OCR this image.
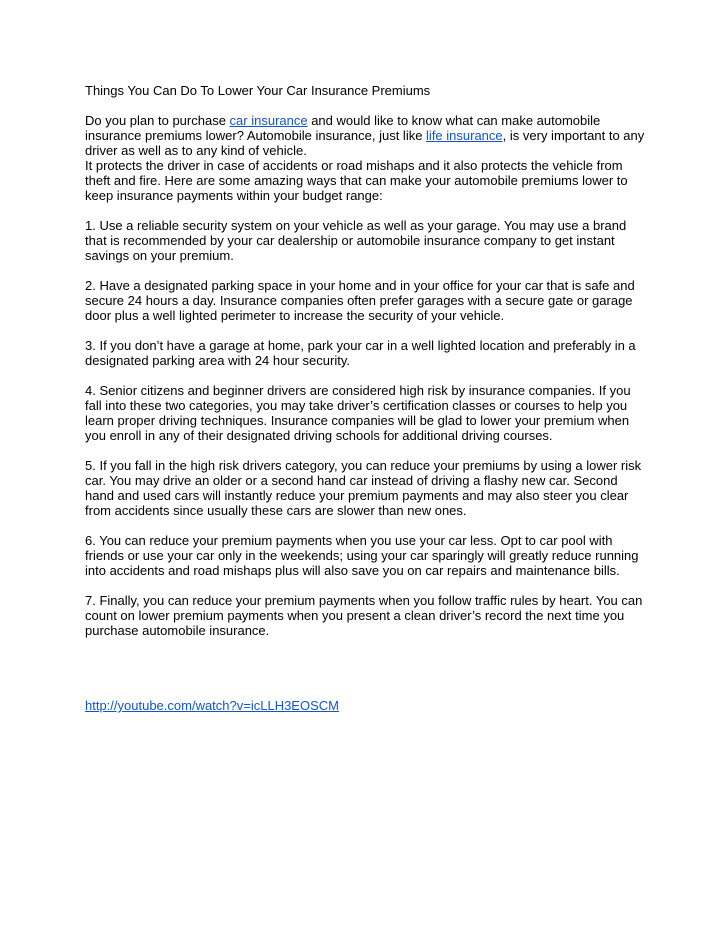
Things You Can Do To Lower Your Car Insurance Premiums

Do you plan to purchase car insurance and would like to know what can make automobile insurance premiums lower? Automobile insurance, just like life insurance, is very important to any driver as well as to any kind of vehicle.

It protects the driver in case of accidents or road mishaps and it also protects the vehicle from theft and fire. Here are some amazing ways that can make your automobile premiums lower to keep insurance payments within your budget range:

1. Use a reliable security system on your vehicle as well as your garage. You may use a brand that is recommended by your car dealership or automobile insurance company to get instant savings on your premium.

2. Have a designated parking space in your home and in your office for your car that is safe and secure 24 hours a day. Insurance companies often prefer garages with a secure gate or garage door plus a well lighted perimeter to increase the security of your vehicle.

3. If you don’t have a garage at home, park your car in a well lighted location and preferably in a designated parking area with 24 hour security.

4. Senior citizens and beginner drivers are considered high risk by insurance companies. If you fall into these two categories, you may take driver’s certification classes or courses to help you learn proper driving techniques. Insurance companies will be glad to lower your premium when you enroll in any of their designated driving schools for additional driving courses.

5. If you fall in the high risk drivers category, you can reduce your premiums by using a lower risk car. You may drive an older or a second hand car instead of driving a flashy new car. Second hand and used cars will instantly reduce your premium payments and may also steer you clear from accidents since usually these cars are slower than new ones.

6. You can reduce your premium payments when you use your car less. Opt to car pool with friends or use your car only in the weekends; using your car sparingly will greatly reduce running into accidents and road mishaps plus will also save you on car repairs and maintenance bills.

7. Finally, you can reduce your premium payments when you follow traffic rules by heart. You can count on lower premium payments when you present a clean driver’s record the next time you purchase automobile insurance.

http://youtube.com/watch?v=icLLH3EOSCM
